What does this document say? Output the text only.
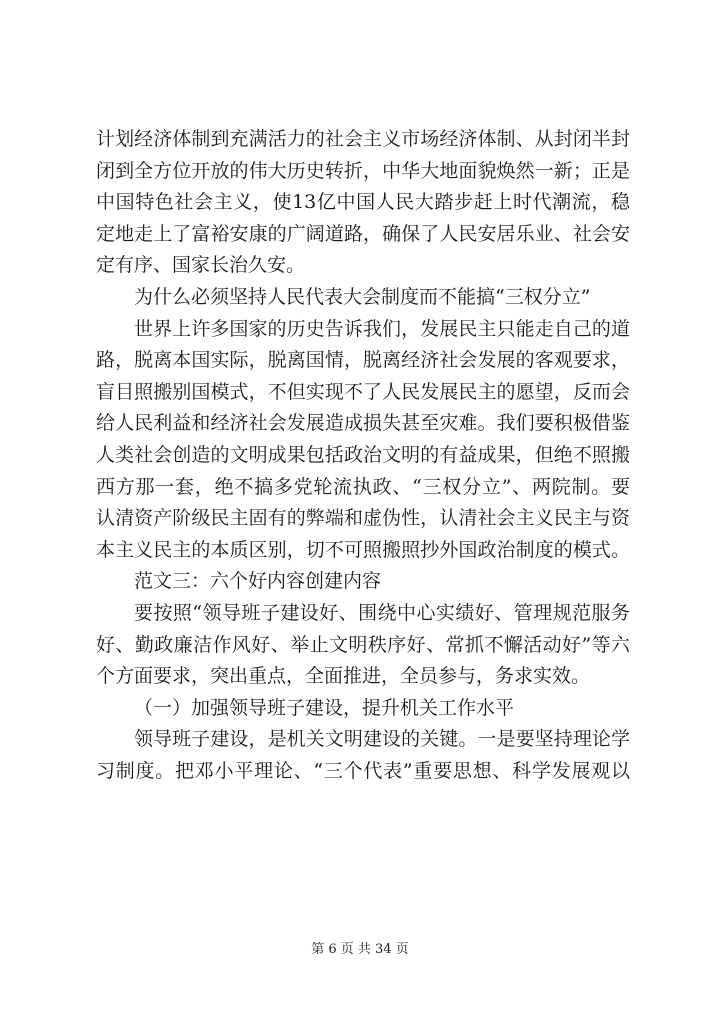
计划经济体制到充满活力的社会主义市场经济体制、从封闭半封
闭到全方位开放的伟大历史转折，中华大地面貌焕然一新；正是
中国特色社会主义，使13亿中国人民大踏步赶上时代潮流，稳
定地走上了富裕安康的广阔道路，确保了人民安居乐业、社会安
定有序、国家长治久安。
为什么必须坚持人民代表大会制度而不能搞“三权分立”
世界上许多国家的历史告诉我们，发展民主只能走自己的道
路，脱离本国实际，脱离国情，脱离经济社会发展的客观要求，
盲目照搬别国模式，不但实现不了人民发展民主的愿望，反而会
给人民利益和经济社会发展造成损失甚至灾难。我们要积极借鉴
人类社会创造的文明成果包括政治文明的有益成果，但绝不照搬
西方那一套，绝不搞多党轮流执政、“三权分立”、两院制。要
认清资产阶级民主固有的弊端和虚伪性，认清社会主义民主与资
本主义民主的本质区别，切不可照搬照抄外国政治制度的模式。
范文三：六个好内容创建内容
要按照“领导班子建设好、围绕中心实绩好、管理规范服务
好、勤政廉洁作风好、举止文明秩序好、常抓不懈活动好”等六
个方面要求，突出重点，全面推进，全员参与，务求实效。
（一）加强领导班子建设，提升机关工作水平
领导班子建设，是机关文明建设的关键。一是要坚持理论学
习制度。把邓小平理论、“三个代表”重要思想、科学发展观以
第 6 页 共 34 页
